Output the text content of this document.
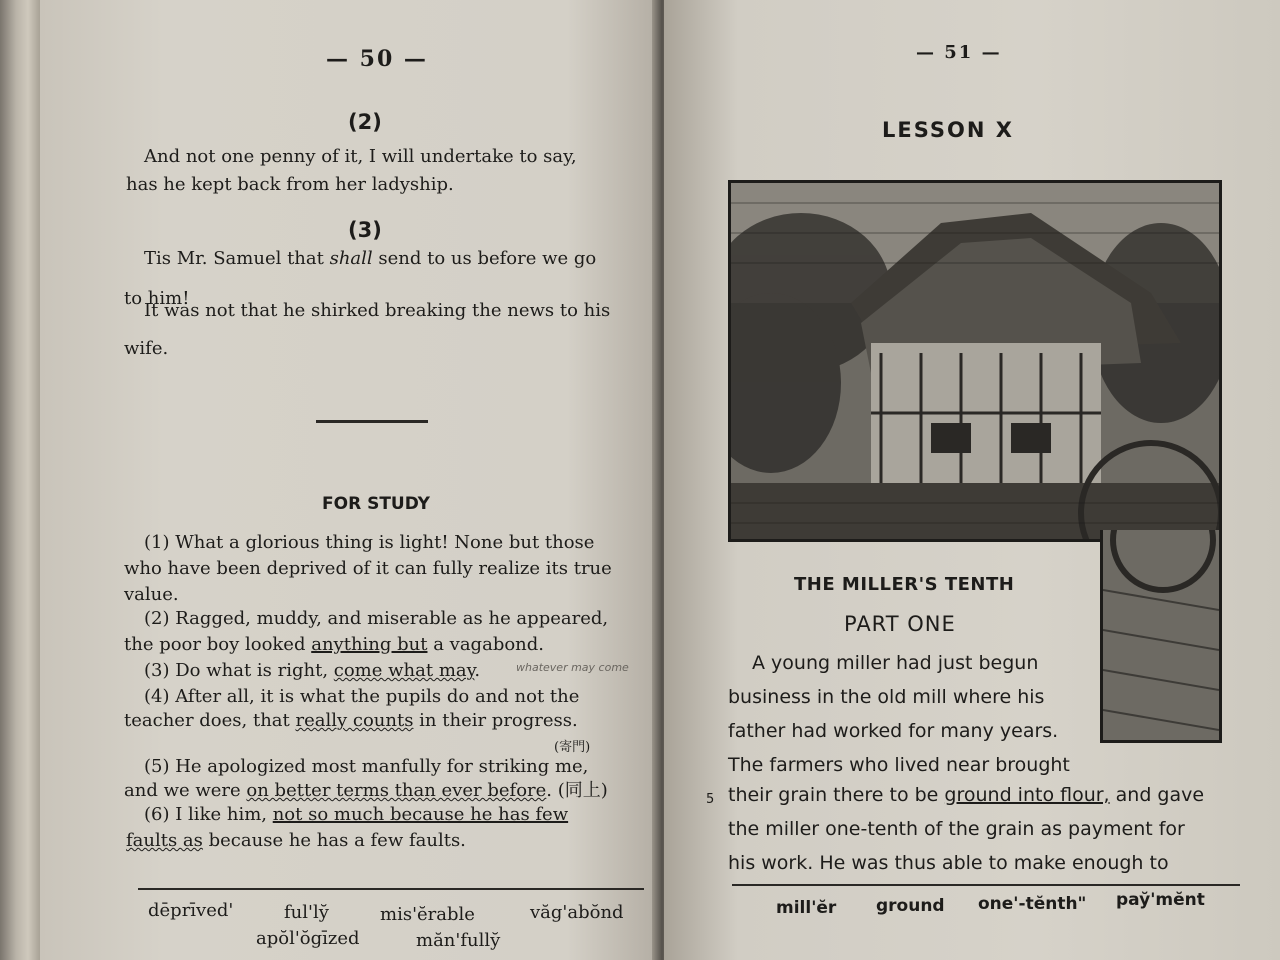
— 50 —
(2)
And not one penny of it, I will undertake to say,
has he kept back from her ladyship.
(3)
Tis Mr. Samuel that shall send to us before we go
to him!
It was not that he shirked breaking the news to his
wife.
FOR STUDY
(1) What a glorious thing is light! None but those
who have been deprived of it can fully realize its true
value.
(2) Ragged, muddy, and miserable as he appeared,
the poor boy looked anything but a vagabond.
(3) Do what is right, come what may.	whatever may come
(4) After all, it is what the pupils do and not the
teacher does, that really counts in their progress.
(寄門)
(5) He apologized most manfully for striking me,
and we were on better terms than ever before. (同上)
(6) I like him, not so much because he has few
faults as because he has a few faults.
dēprīved'	ful'ly̆	mis'ĕrable	văg'abŏnd
apŏl'ŏgīzed	măn'fully̆
— 51 —
LESSON X
THE MILLER'S TENTH
PART ONE
A young miller had just begun
business in the old mill where his
father had worked for many years.
The farmers who lived near brought
5 their grain there to be ground into flour, and gave
the miller one-tenth of the grain as payment for
his work. He was thus able to make enough to
mill'ĕr ground one'-tĕnth" pay̆'mĕnt
